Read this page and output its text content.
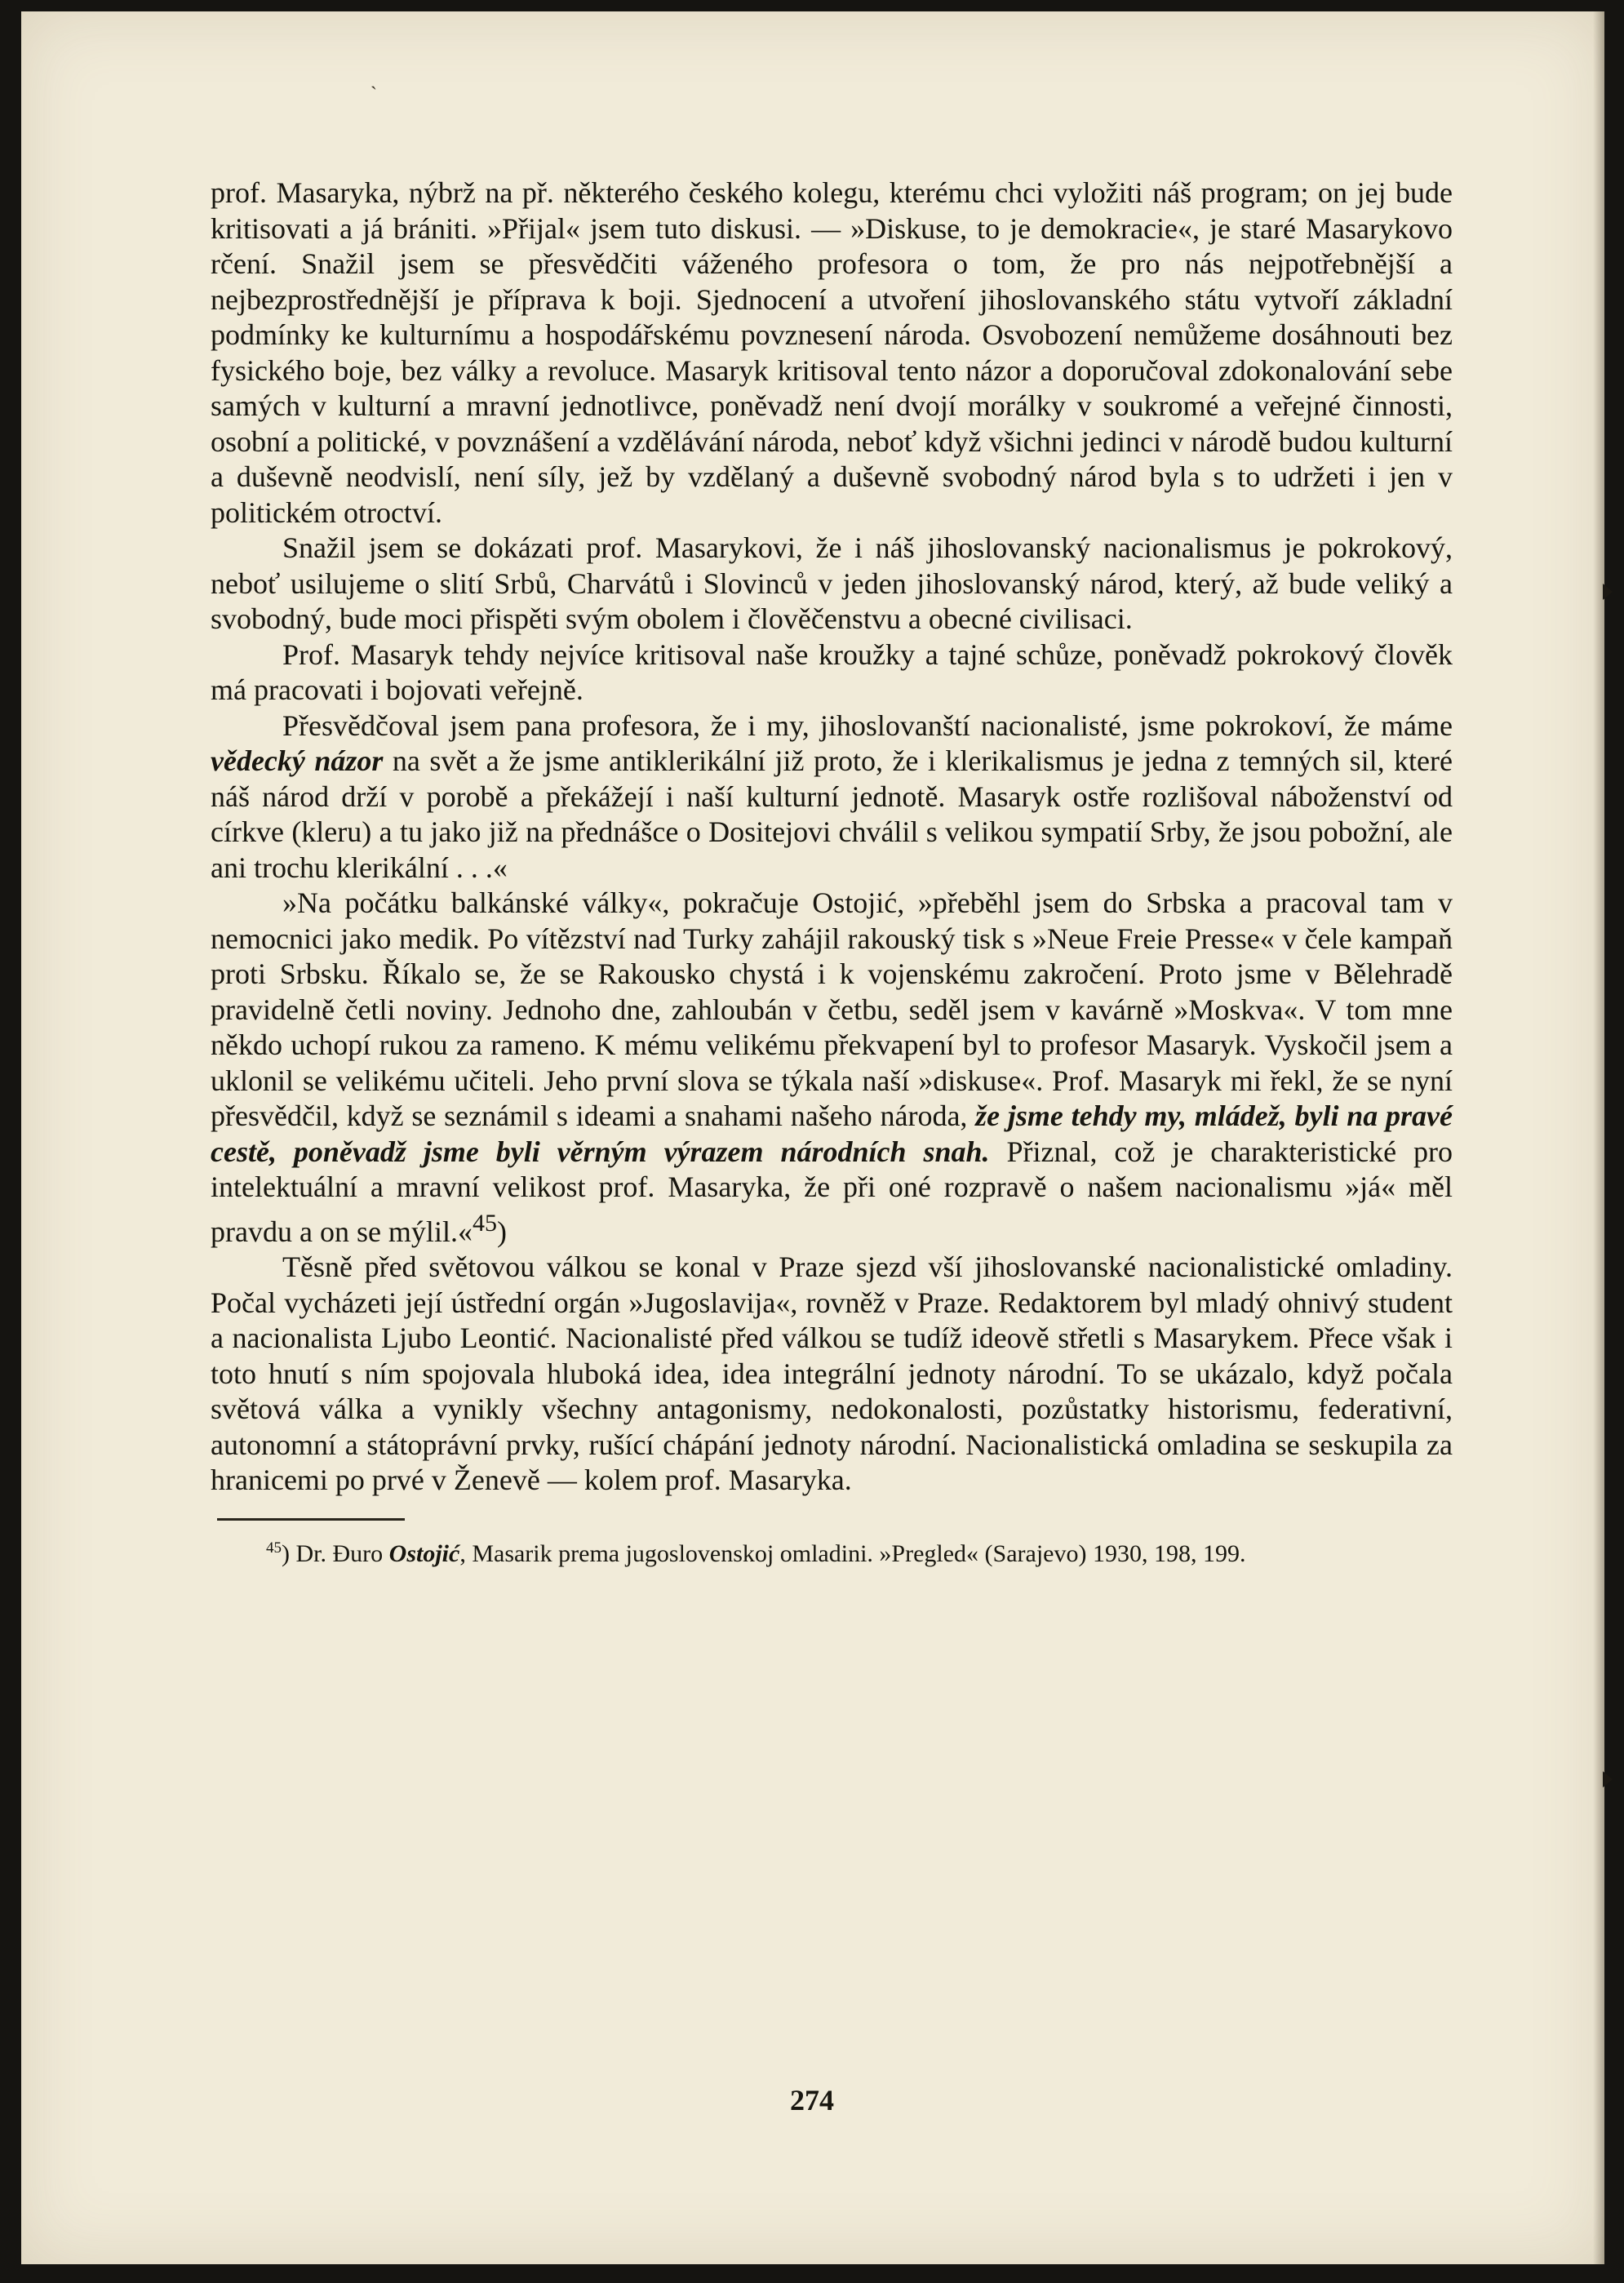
ˏ

prof. Masaryka, nýbrž na př. některého českého kolegu, kterému chci vyložiti náš program; on jej bude kritisovati a já brániti. »Přijal« jsem tuto diskusi. — »Diskuse, to je demokracie«, je staré Masarykovo rčení. Snažil jsem se přesvědčiti váženého profesora o tom, že pro nás nejpotřebnější a nejbezprostřednější je příprava k boji. Sjednocení a utvoření jihoslovanského státu vytvoří základní podmínky ke kulturnímu a hospodářskému povznesení národa. Osvobození nemůžeme dosáhnouti bez fysického boje, bez války a revoluce. Masaryk kritisoval tento názor a doporučoval zdokonalování sebe samých v kulturní a mravní jednotlivce, poněvadž není dvojí morálky v soukromé a veřejné činnosti, osobní a politické, v povznášení a vzdělávání národa, neboť když všichni jedinci v národě budou kulturní a duševně neodvislí, není síly, jež by vzdělaný a duševně svobodný národ byla s to udržeti i jen v politickém otroctví.

Snažil jsem se dokázati prof. Masarykovi, že i náš jihoslovanský nacionalismus je pokrokový, neboť usilujeme o slití Srbů, Charvátů i Slovinců v jeden jihoslovanský národ, který, až bude veliký a svobodný, bude moci přispěti svým obolem i člověčenstvu a obecné civilisaci.

Prof. Masaryk tehdy nejvíce kritisoval naše kroužky a tajné schůze, poněvadž pokrokový člověk má pracovati i bojovati veřejně.

Přesvědčoval jsem pana profesora, že i my, jihoslovanští nacionalisté, jsme pokrokoví, že máme vědecký názor na svět a že jsme antiklerikální již proto, že i klerikalismus je jedna z temných sil, které náš národ drží v porobě a překážejí i naší kulturní jednotě. Masaryk ostře rozlišoval náboženství od církve (kleru) a tu jako již na přednášce o Dositejovi chválil s velikou sympatií Srby, že jsou pobožní, ale ani trochu klerikální . . .«

»Na počátku balkánské války«, pokračuje Ostojić, »přeběhl jsem do Srbska a pracoval tam v nemocnici jako medik. Po vítězství nad Turky zahájil rakouský tisk s »Neue Freie Presse« v čele kampaň proti Srbsku. Říkalo se, že se Rakousko chystá i k vojenskému zakročení. Proto jsme v Bělehradě pravidelně četli noviny. Jednoho dne, zahloubán v četbu, seděl jsem v kavárně »Moskva«. V tom mne někdo uchopí rukou za rameno. K mému velikému překvapení byl to profesor Masaryk. Vyskočil jsem a uklonil se velikému učiteli. Jeho první slova se týkala naší »diskuse«. Prof. Masaryk mi řekl, že se nyní přesvědčil, když se seznámil s ideami a snahami našeho národa, že jsme tehdy my, mládež, byli na pravé cestě, poněvadž jsme byli věrným výrazem národních snah. Přiznal, což je charakteristické pro intelektuální a mravní velikost prof. Masaryka, že při oné rozpravě o našem nacionalismu »já« měl pravdu a on se mýlil.«$^{45}$)

Těsně před světovou válkou se konal v Praze sjezd vší jihoslovanské nacionalistické omladiny. Počal vycházeti její ústřední orgán »Jugoslavija«, rovněž v Praze. Redaktorem byl mladý ohnivý student a nacionalista Ljubo Leontić. Nacionalisté před válkou se tudíž ideově střetli s Masarykem. Přece však i toto hnutí s ním spojovala hluboká idea, idea integrální jednoty národní. To se ukázalo, když počala světová válka a vynikly všechny antagonismy, nedokonalosti, pozůstatky historismu, federativní, autonomní a státoprávní prvky, rušící chápání jednoty národní. Nacionalistická omladina se seskupila za hranicemi po prvé v Ženevě — kolem prof. Masaryka.

$^{45}$) Dr. Đuro Ostojić, Masarik prema jugoslovenskoj omladini. »Pregled« (Sarajevo) 1930, 198, 199.

274
